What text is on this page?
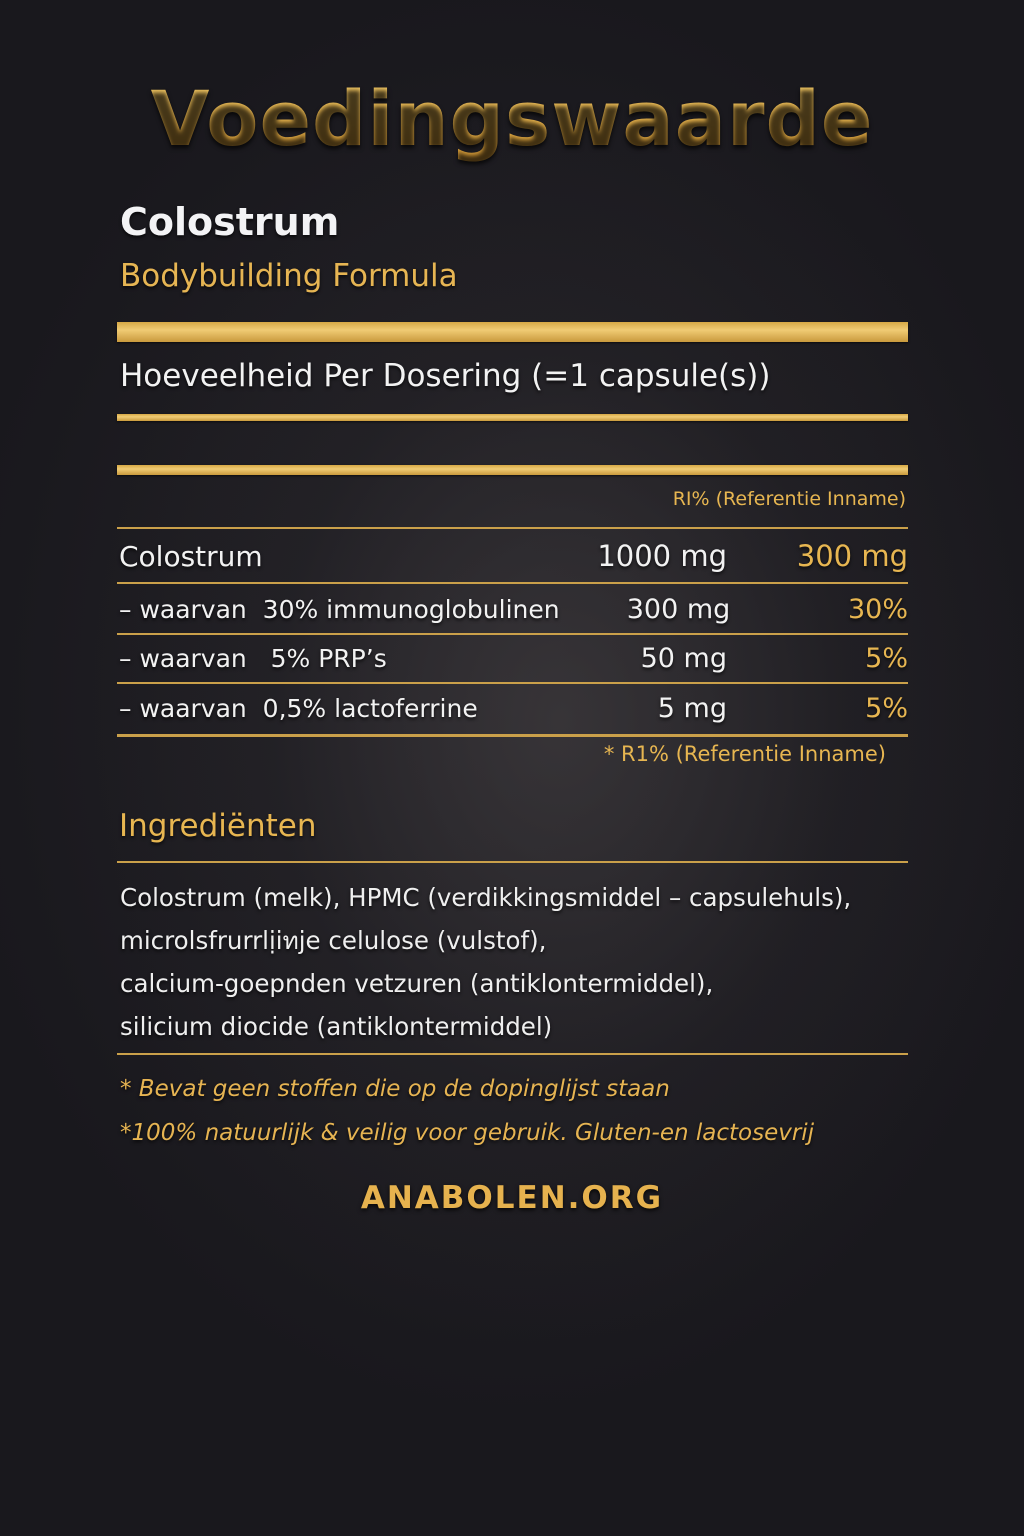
Voedingswaarde
Colostrum
Bodybuilding Formula
Hoeveelheid Per Dosering (=1 capsule(s))
RI% (Referentie Inname)
Colostrum	1000 mg	300 mg
– waarvan  30% immunoglobulinen	300 mg	30%
– waarvan   5% PRP’s	50 mg	5%
– waarvan  0,5% lactoferrine	5 mg	5%
* R1% (Referentie Inname)
Ingrediënten
Colostrum (melk), HPMC (verdikkingsmiddel – capsulehuls),
microlsfrurrlịiทje celulose (vulstof),
calcium-goepnden vetzuren (antiklontermiddel),
silicium diocide (antiklontermiddel)
* Bevat geen stoffen die op de dopinglijst staan
*100% natuurlijk & veilig voor gebruik. Gluten-en lactosevrij
ANABOLEN.ORG
